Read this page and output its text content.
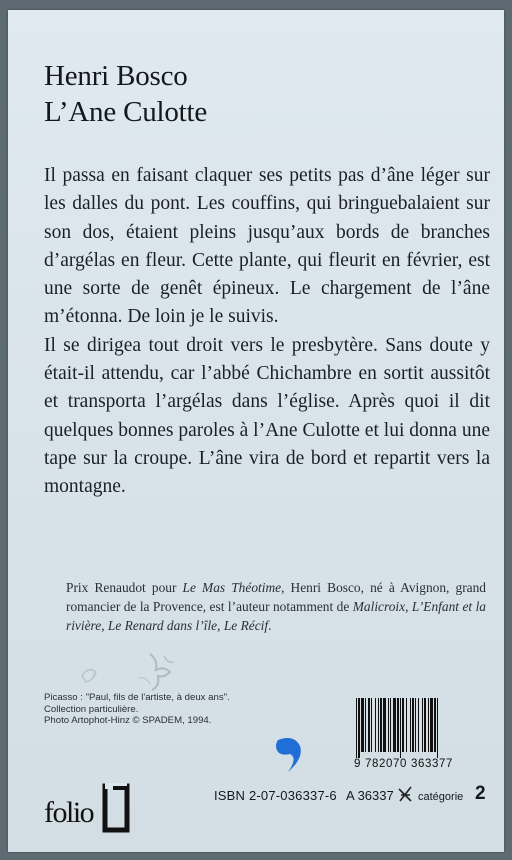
Henri Bosco
L’Ane Culotte

Il passa en faisant claquer ses petits pas d’âne léger sur les dalles du pont. Les couffins, qui bringuebalaient sur son dos, étaient pleins jusqu’aux bords de branches d’argélas en fleur. Cette plante, qui fleurit en février, est une sorte de genêt épineux. Le chargement de l’âne m’étonna. De loin je le suivis.

Il se dirigea tout droit vers le presbytère. Sans doute y était-il attendu, car l’abbé Chichambre en sortit aussitôt et transporta l’argélas dans l’église. Après quoi il dit quelques bonnes paroles à l’Ane Culotte et lui donna une tape sur la croupe. L’âne vira de bord et repartit vers la montagne.

Prix Renaudot pour Le Mas Théotime, Henri Bosco, né à Avignon, grand romancier de la Provence, est l’auteur notamment de Malicroix, L’Enfant et la rivière, Le Renard dans l’île, Le Récif.
Picasso : "Paul, fils de l'artiste, à deux ans".
Collection particulière.
Photo Artophot-Hinz © SPADEM, 1994.
9 782070 363377
folio
ISBN 2-07-036337-6 A 36337 catégorie 2
